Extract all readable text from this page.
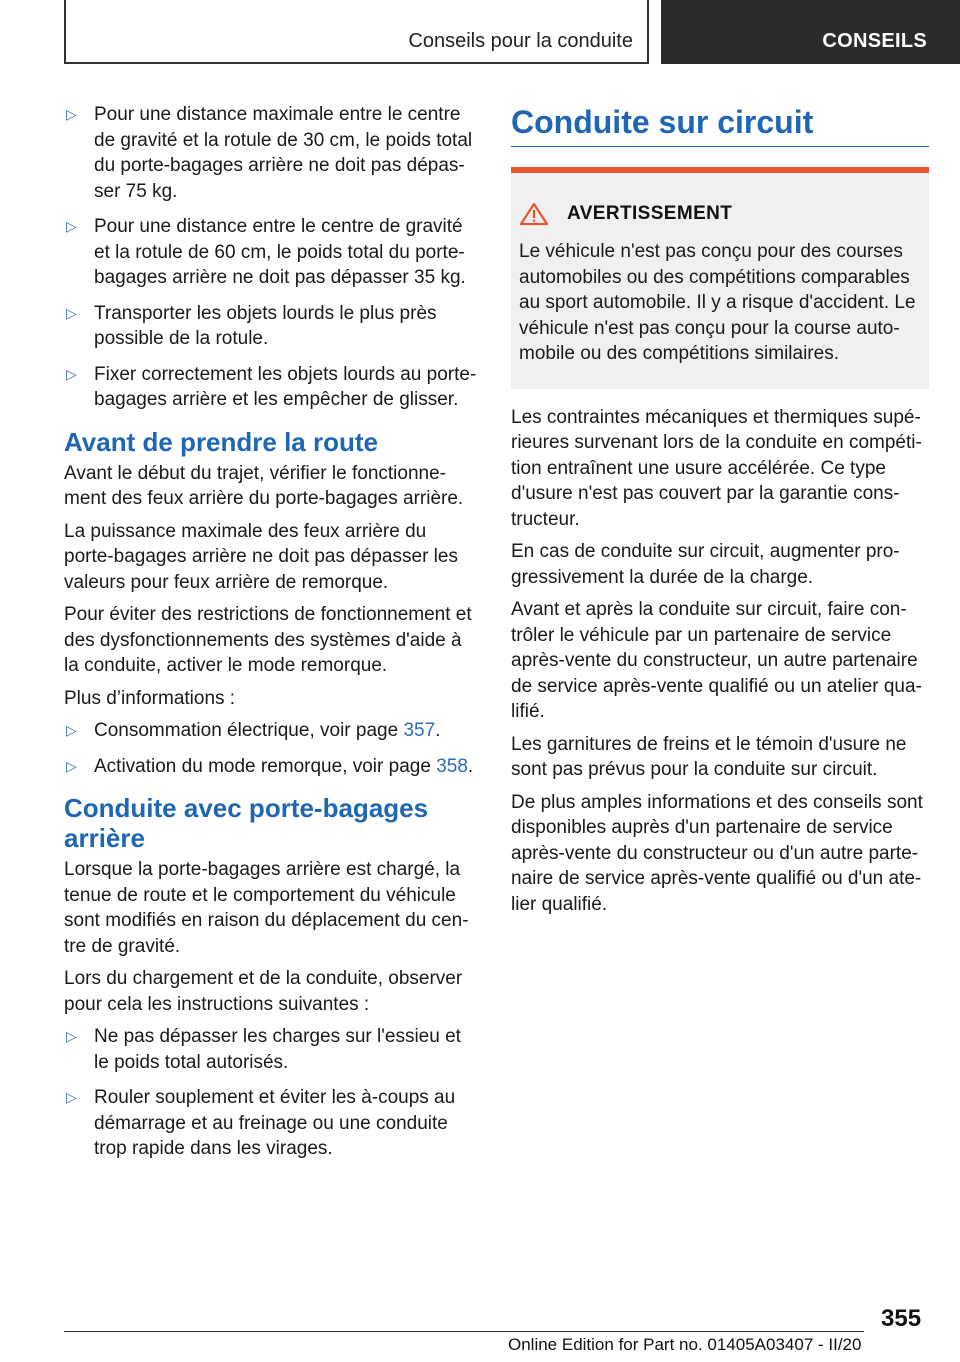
Conseils pour la conduite	CONSEILS
▷ Pour une distance maximale entre le centre de gravité et la rotule de 30 cm, le poids total du porte-bagages arrière ne doit pas dépas-ser 75 kg.
▷ Pour une distance entre le centre de gravité et la rotule de 60 cm, le poids total du porte-bagages arrière ne doit pas dépasser 35 kg.
▷ Transporter les objets lourds le plus près possible de la rotule.
▷ Fixer correctement les objets lourds au porte-bagages arrière et les empêcher de glisser.
Avant de prendre la route

Avant le début du trajet, vérifier le fonctionne-ment des feux arrière du porte-bagages arrière.

La puissance maximale des feux arrière du porte-bagages arrière ne doit pas dépasser les valeurs pour feux arrière de remorque.

Pour éviter des restrictions de fonctionnement et des dysfonctionnements des systèmes d'aide à la conduite, activer le mode remorque.

Plus d’informations :

▷ Consommation électrique, voir page 357.
▷ Activation du mode remorque, voir page 358.
Conduite avec porte-bagages arrière

Lorsque la porte-bagages arrière est chargé, la tenue de route et le comportement du véhicule sont modifiés en raison du déplacement du cen-tre de gravité.

Lors du chargement et de la conduite, observer pour cela les instructions suivantes :

▷ Ne pas dépasser les charges sur l'essieu et le poids total autorisés.
▷ Rouler souplement et éviter les à-coups au démarrage et au freinage ou une conduite trop rapide dans les virages.
Conduite sur circuit
AVERTISSEMENT
Le véhicule n'est pas conçu pour des courses automobiles ou des compétitions comparables au sport automobile. Il y a risque d'accident. Le véhicule n'est pas conçu pour la course auto-mobile ou des compétitions similaires.

Les contraintes mécaniques et thermiques supé-rieures survenant lors de la conduite en compéti-tion entraînent une usure accélérée. Ce type d'usure n'est pas couvert par la garantie cons-tructeur.

En cas de conduite sur circuit, augmenter pro-gressivement la durée de la charge.

Avant et après la conduite sur circuit, faire con-trôler le véhicule par un partenaire de service après-vente du constructeur, un autre partenaire de service après-vente qualifié ou un atelier qua-lifié.

Les garnitures de freins et le témoin d'usure ne sont pas prévus pour la conduite sur circuit.

De plus amples informations et des conseils sont disponibles auprès d'un partenaire de service après-vente du constructeur ou d'un autre parte-naire de service après-vente qualifié ou d'un ate-lier qualifié.

355
Online Edition for Part no. 01405A03407 - II/20
